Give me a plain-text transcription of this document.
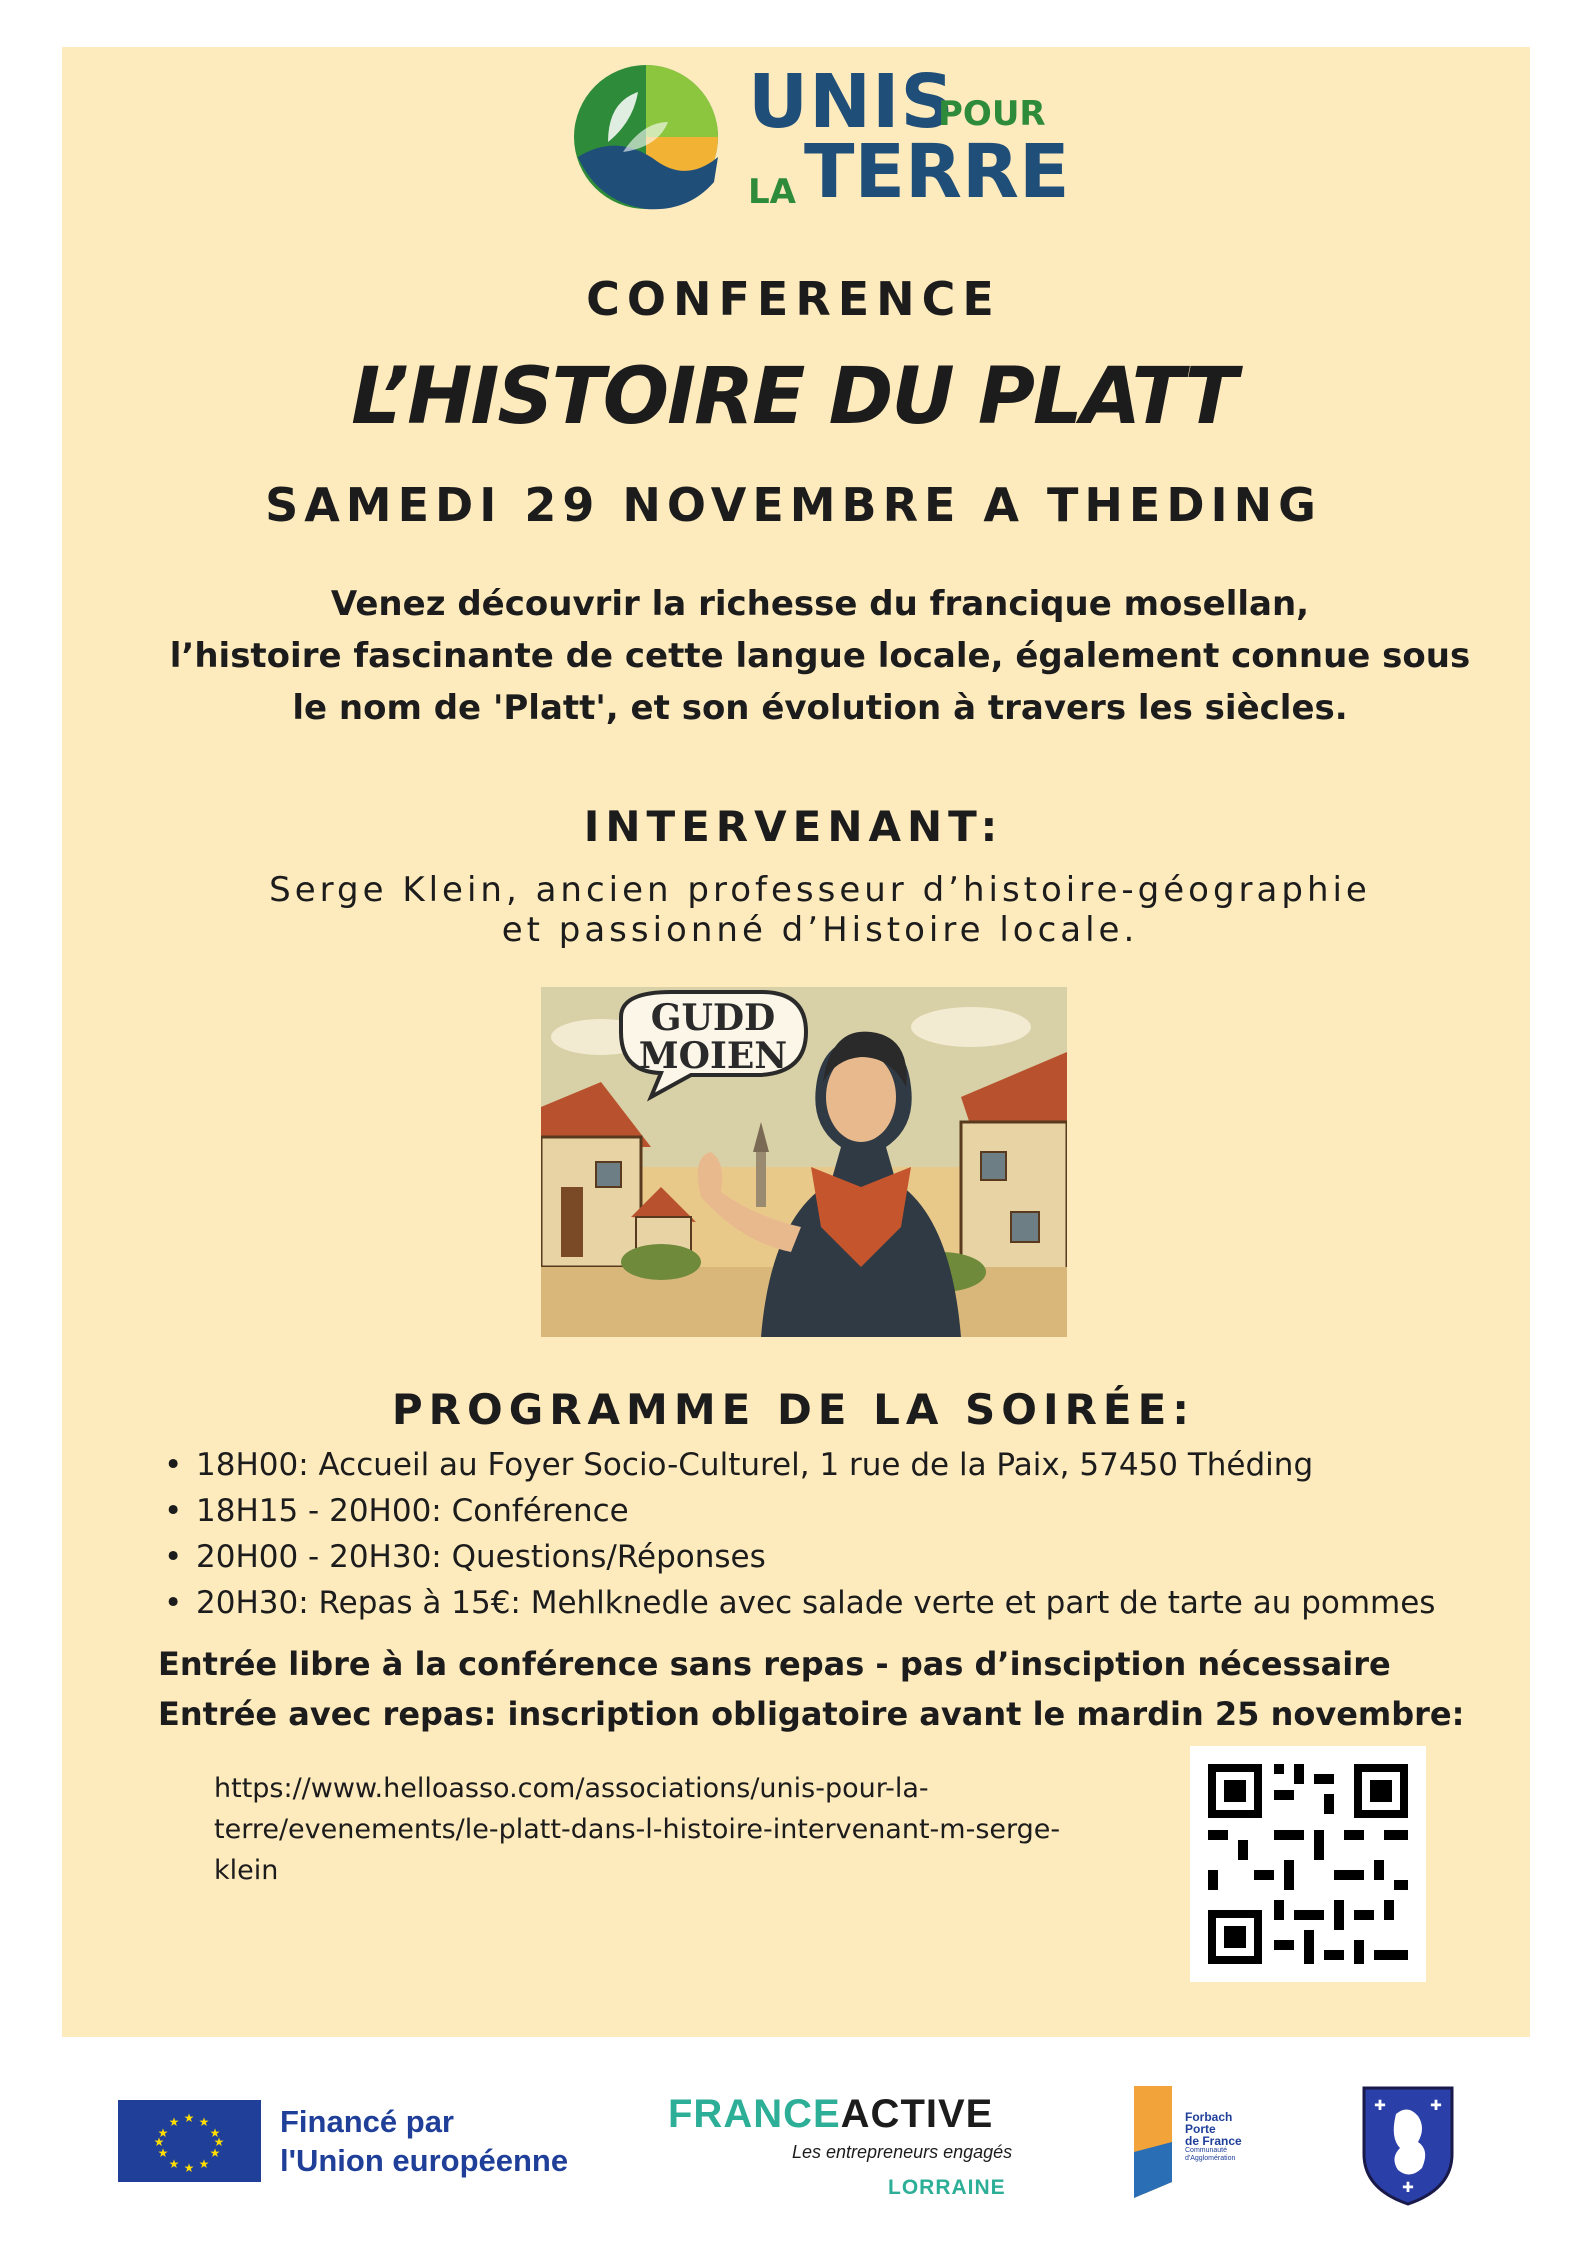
UNIS
POUR
LA TERRE
CONFERENCE
L’HISTOIRE DU PLATT
SAMEDI 29 NOVEMBRE A THEDING
Venez découvrir la richesse du francique mosellan,
l’histoire fascinante de cette langue locale, également connue sous
le nom de 'Platt', et son évolution à travers les siècles.
INTERVENANT:
Serge Klein, ancien professeur d’histoire-géographie
et passionné d’Histoire locale.
GUDD
MOIEN
PROGRAMME DE LA SOIRÉE:
• 18H00: Accueil au Foyer Socio-Culturel, 1 rue de la Paix, 57450 Théding
• 18H15 - 20H00: Conférence
• 20H00 - 20H30: Questions/Réponses
• 20H30: Repas à 15€: Mehlknedle avec salade verte et part de tarte au pommes
Entrée libre à la conférence sans repas - pas d’insciption nécessaire
Entrée avec repas: inscription obligatoire avant le mardin 25 novembre:
https://www.helloasso.com/associations/unis-pour-la-
terre/evenements/le-platt-dans-l-histoire-intervenant-m-serge-
klein
★ ★
★
★
★
★
★
★
★
★
★
★	Financé par
l'Union européenne
FRANCEACTIVE
Les entrepreneurs engagés
LORRAINE
Forbach
Porte
de France
Communauté
d'Agglomération
✚	✚
✚
